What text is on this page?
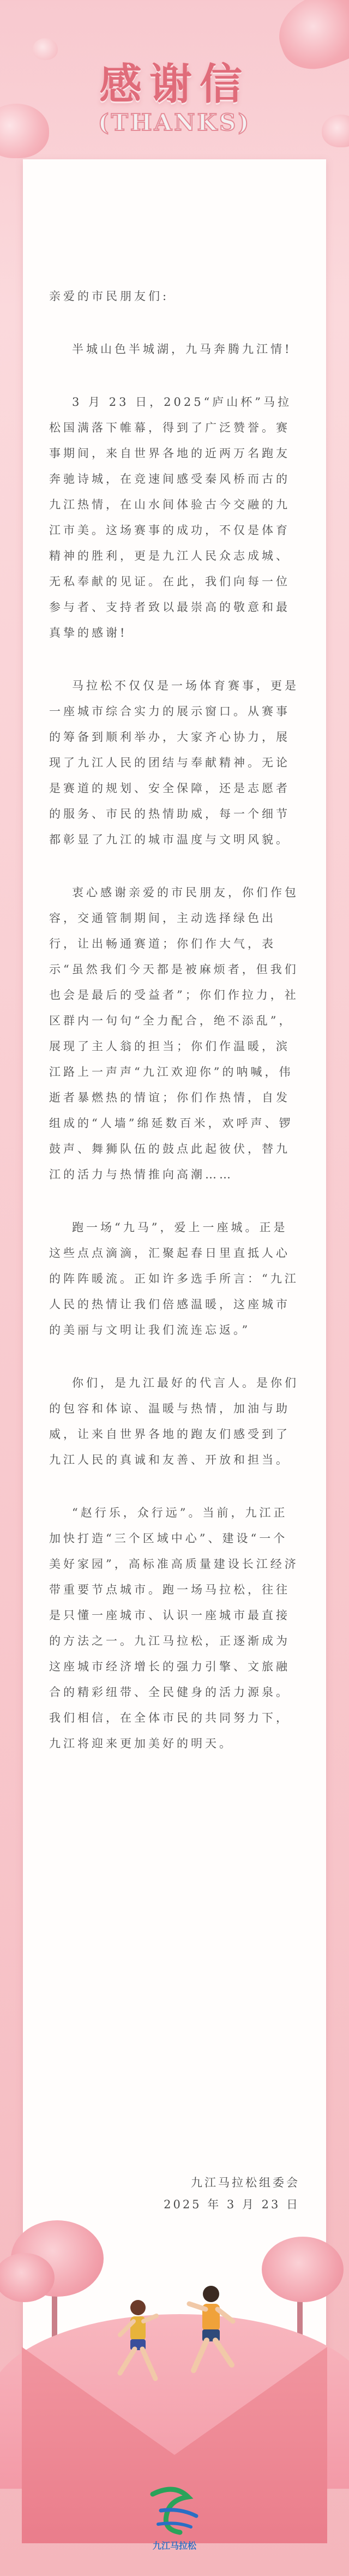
感谢信
(THANKS)

亲爱的市民朋友们:

半城山色半城湖，九马奔腾九江情!

3 月 23 日，2025“庐山杯”马拉松国满落下帷幕，得到了广泛赞誉。赛事期间，来自世界各地的近两万名跑友奔驰诗城，在竞速间感受秦风桥而古的九江热情，在山水间体验古今交融的九江市美。这场赛事的成功，不仅是体育精神的胜利，更是九江人民众志成城、无私奉献的见证。在此，我们向每一位参与者、支持者致以最崇高的敬意和最真挚的感谢!

马拉松不仅仅是一场体育赛事，更是一座城市综合实力的展示窗口。从赛事的筹备到顺利举办，大家齐心协力，展现了九江人民的团结与奉献精神。无论是赛道的规划、安全保障，还是志愿者的服务、市民的热情助威，每一个细节都彰显了九江的城市温度与文明风貌。

衷心感谢亲爱的市民朋友，你们作包容，交通管制期间，主动选择绿色出行，让出畅通赛道；你们作大气，表示“虽然我们今天都是被麻烦者，但我们也会是最后的受益者”；你们作拉力，社区群内一句句“全力配合，绝不添乱”，展现了主人翁的担当；你们作温暖，滨江路上一声声“九江欢迎你”的呐喊，伟逝者暴燃热的情谊；你们作热情，自发组成的“人墙”绵延数百米，欢呼声、锣鼓声、舞狮队伍的鼓点此起彼伏，替九江的活力与热情推向高潮……

跑一场“九马”，爱上一座城。正是这些点点滴滴，汇聚起春日里直抵人心的阵阵暖流。正如许多选手所言：“九江人民的热情让我们倍感温暖，这座城市的美丽与文明让我们流连忘返。”

你们，是九江最好的代言人。是你们的包容和体谅、温暖与热情，加油与助威，让来自世界各地的跑友们感受到了九江人民的真诚和友善、开放和担当。

“赵行乐，众行远”。当前，九江正加快打造“三个区域中心”、建设“一个美好家园”，高标准高质量建设长江经济带重要节点城市。跑一场马拉松，往往是只懂一座城市、认识一座城市最直接的方法之一。九江马拉松，正逐渐成为这座城市经济增长的强力引擎、文旅融合的精彩纽带、全民健身的活力源泉。我们相信，在全体市民的共同努力下，九江将迎来更加美好的明天。

九江马拉松
九江马拉松组委会
2025 年 3 月 23 日
